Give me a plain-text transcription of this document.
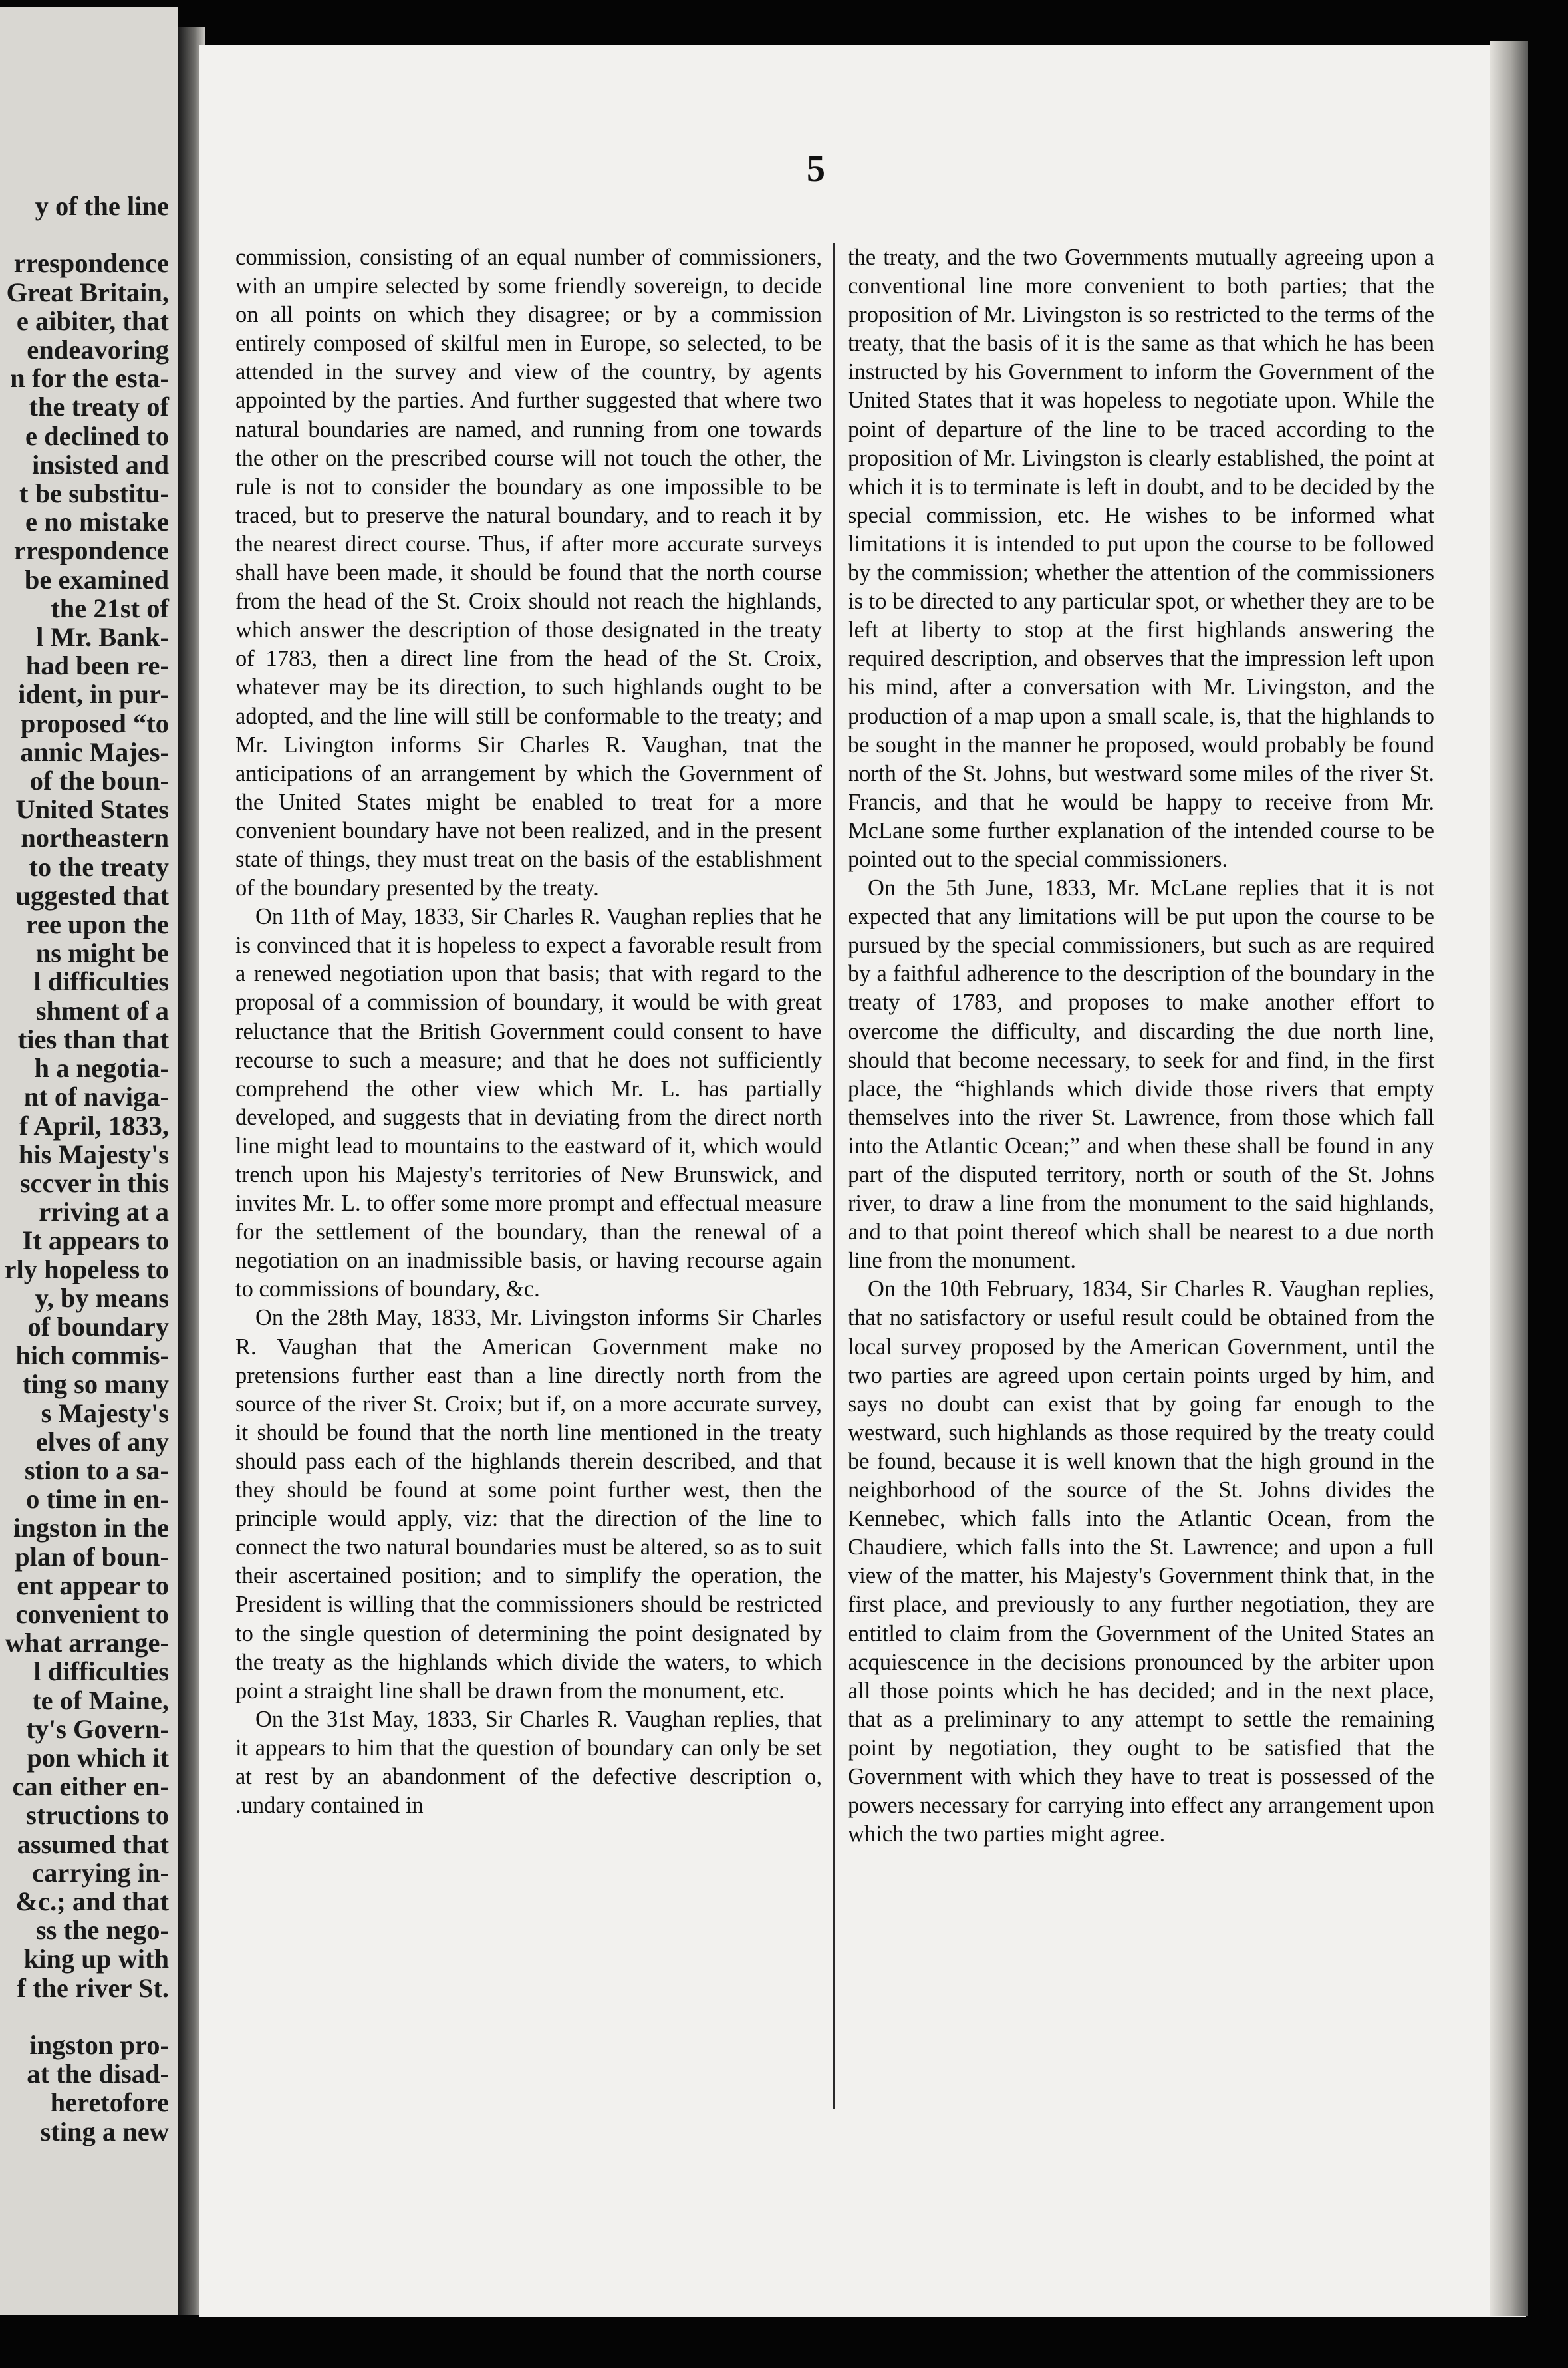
y of the line

rrespondence
Great Britain,
e aibiter, that
endeavoring
n for the esta-
the treaty of
e declined to
insisted and
t be substitu-
e no mistake
rrespondence
be examined
the 21st of
l Mr. Bank-
had been re-
ident, in pur-
proposed “to
annic Majes-
of the boun-
United States
northeastern
to the treaty
uggested that
ree upon the
ns might be
l difficulties
shment of a
ties than that
h a negotia-
nt of naviga-
f April, 1833,
his Majesty's
sccver in this
rriving at a
It appears to
rly hopeless to
y, by means
of boundary
hich commis-
ting so many
s Majesty's
elves of any
stion to a sa-
o time in en-
ingston in the
plan of boun-
ent appear to
convenient to
what arrange-
l difficulties
te of Maine,
ty's Govern-
pon which it
can either en-
structions to
assumed that
carrying in-
&c.; and that
ss the nego-
king up with
f the river St.

ingston pro-
at the disad-
heretofore
sting a new
5

commission, consisting of an equal number of commissioners, with an umpire selected by some friendly sovereign, to decide on all points on which they disagree; or by a commission entirely composed of skilful men in Europe, so selected, to be attended in the survey and view of the country, by agents appointed by the parties. And further suggested that where two natural boundaries are named, and running from one towards the other on the prescribed course will not touch the other, the rule is not to consider the boundary as one impossible to be traced, but to preserve the natural boundary, and to reach it by the nearest direct course. Thus, if after more accurate surveys shall have been made, it should be found that the north course from the head of the St. Croix should not reach the highlands, which answer the description of those designated in the treaty of 1783, then a direct line from the head of the St. Croix, whatever may be its direction, to such highlands ought to be adopted, and the line will still be conformable to the treaty; and Mr. Livington informs Sir Charles R. Vaughan, tnat the anticipations of an arrangement by which the Government of the United States might be enabled to treat for a more convenient boundary have not been realized, and in the present state of things, they must treat on the basis of the establishment of the boundary presented by the treaty.

On 11th of May, 1833, Sir Charles R. Vaughan replies that he is convinced that it is hopeless to expect a favorable result from a renewed negotiation upon that basis; that with regard to the proposal of a commission of boundary, it would be with great reluctance that the British Government could consent to have recourse to such a measure; and that he does not sufficiently comprehend the other view which Mr. L. has partially developed, and suggests that in deviating from the direct north line might lead to mountains to the eastward of it, which would trench upon his Majesty's territories of New Brunswick, and invites Mr. L. to offer some more prompt and effectual measure for the settlement of the boundary, than the renewal of a negotiation on an inadmissible basis, or having recourse again to commissions of boundary, &c.

On the 28th May, 1833, Mr. Livingston informs Sir Charles R. Vaughan that the American Government make no pretensions further east than a line directly north from the source of the river St. Croix; but if, on a more accurate survey, it should be found that the north line mentioned in the treaty should pass each of the highlands therein described, and that they should be found at some point further west, then the principle would apply, viz: that the direction of the line to connect the two natural boundaries must be altered, so as to suit their ascertained position; and to simplify the operation, the President is willing that the commissioners should be restricted to the single question of determining the point designated by the treaty as the highlands which divide the waters, to which point a straight line shall be drawn from the monument, etc.

On the 31st May, 1833, Sir Charles R. Vaughan replies, that it appears to him that the question of boundary can only be set at rest by an abandonment of the defective description o, .undary contained in

the treaty, and the two Governments mutually agreeing upon a conventional line more convenient to both parties; that the proposition of Mr. Livingston is so restricted to the terms of the treaty, that the basis of it is the same as that which he has been instructed by his Government to inform the Government of the United States that it was hopeless to negotiate upon. While the point of departure of the line to be traced according to the proposition of Mr. Livingston is clearly established, the point at which it is to terminate is left in doubt, and to be decided by the special commission, etc. He wishes to be informed what limitations it is intended to put upon the course to be followed by the commission; whether the attention of the commissioners is to be directed to any particular spot, or whether they are to be left at liberty to stop at the first highlands answering the required description, and observes that the impression left upon his mind, after a conversation with Mr. Livingston, and the production of a map upon a small scale, is, that the highlands to be sought in the manner he proposed, would probably be found north of the St. Johns, but westward some miles of the river St. Francis, and that he would be happy to receive from Mr. McLane some further explanation of the intended course to be pointed out to the special commissioners.

On the 5th June, 1833, Mr. McLane replies that it is not expected that any limitations will be put upon the course to be pursued by the special commissioners, but such as are required by a faithful adherence to the description of the boundary in the treaty of 1783, and proposes to make another effort to overcome the difficulty, and discarding the due north line, should that become necessary, to seek for and find, in the first place, the “highlands which divide those rivers that empty themselves into the river St. Lawrence, from those which fall into the Atlantic Ocean;” and when these shall be found in any part of the disputed territory, north or south of the St. Johns river, to draw a line from the monument to the said highlands, and to that point thereof which shall be nearest to a due north line from the monument.

On the 10th February, 1834, Sir Charles R. Vaughan replies, that no satisfactory or useful result could be obtained from the local survey proposed by the American Government, until the two parties are agreed upon certain points urged by him, and says no doubt can exist that by going far enough to the westward, such highlands as those required by the treaty could be found, because it is well known that the high ground in the neighborhood of the source of the St. Johns divides the Kennebec, which falls into the Atlantic Ocean, from the Chaudiere, which falls into the St. Lawrence; and upon a full view of the matter, his Majesty's Government think that, in the first place, and previously to any further negotiation, they are entitled to claim from the Government of the United States an acquiescence in the decisions pronounced by the arbiter upon all those points which he has decided; and in the next place, that as a preliminary to any attempt to settle the remaining point by negotiation, they ought to be satisfied that the Government with which they have to treat is possessed of the powers necessary for carrying into effect any arrangement upon which the two parties might agree.
